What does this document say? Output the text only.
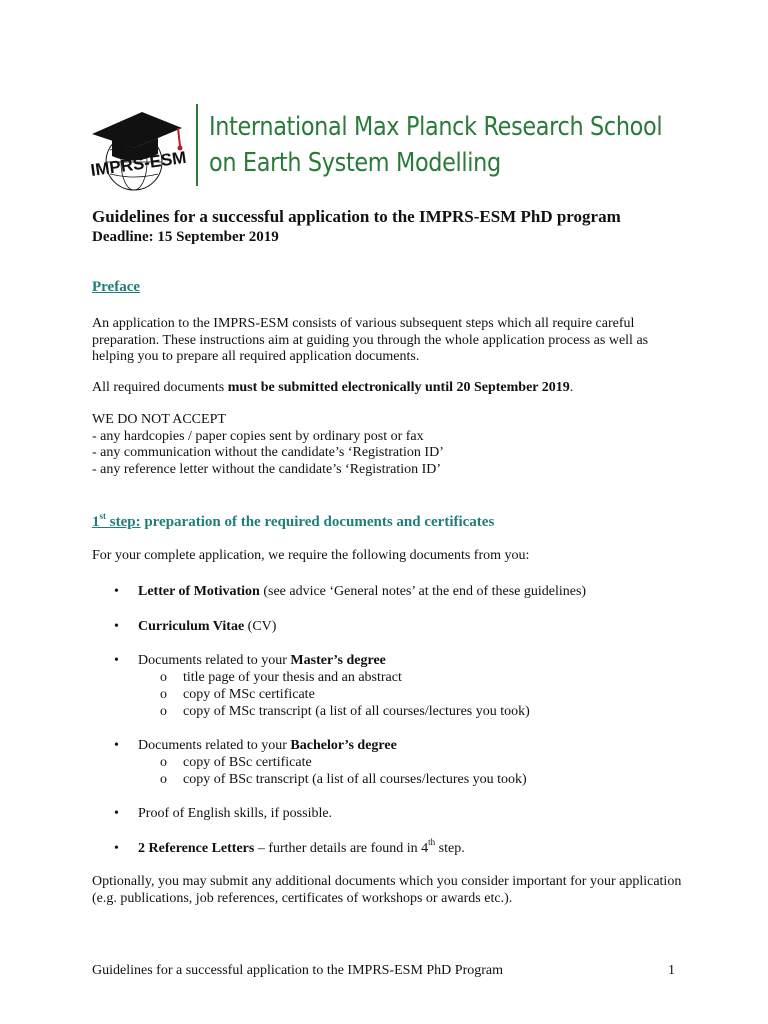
IMPRS-ESM
International Max Planck Research School
on Earth System Modelling
Guidelines for a successful application to the IMPRS-ESM PhD program
Deadline: 15 September 2019
Preface
An application to the IMPRS-ESM consists of various subsequent steps which all require careful preparation. These instructions aim at guiding you through the whole application process as well as helping you to prepare all required application documents.
All required documents must be submitted electronically until 20 September 2019.
WE DO NOT ACCEPT
- any hardcopies / paper copies sent by ordinary post or fax
- any communication without the candidate’s ‘Registration ID’
- any reference letter without the candidate’s ‘Registration ID’
1st step: preparation of the required documents and certificates
For your complete application, we require the following documents from you:
• Letter of Motivation (see advice ‘General notes’ at the end of these guidelines)
• Curriculum Vitae (CV)
• Documents related to your Master’s degree
o title page of your thesis and an abstract
o copy of MSc certificate
o copy of MSc transcript (a list of all courses/lectures you took)
• Documents related to your Bachelor’s degree
o copy of BSc certificate
o copy of BSc transcript (a list of all courses/lectures you took)
• Proof of English skills, if possible.
• 2 Reference Letters – further details are found in 4th step.
Optionally, you may submit any additional documents which you consider important for your application (e.g. publications, job references, certificates of workshops or awards etc.).
Guidelines for a successful application to the IMPRS-ESM PhD Program	1
